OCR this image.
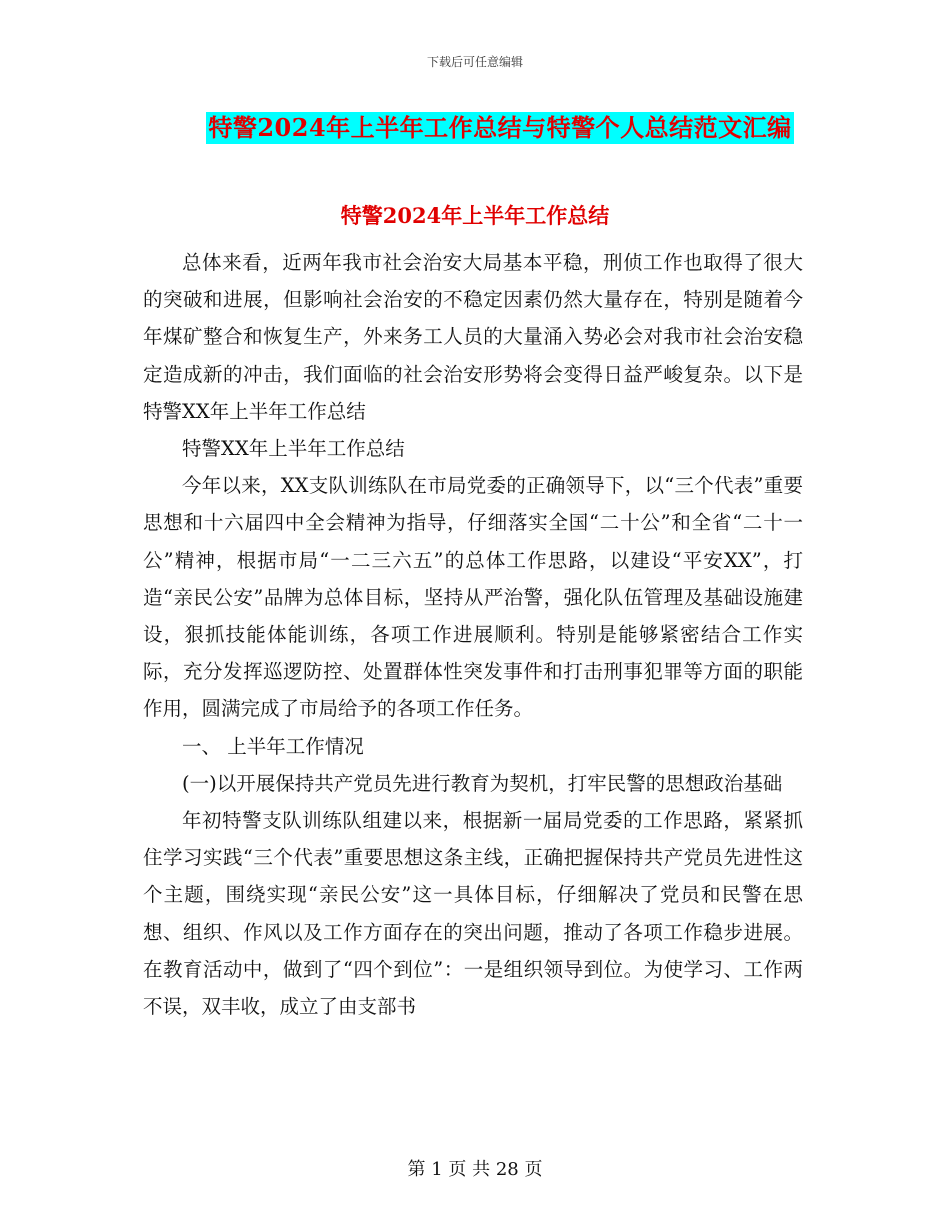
下载后可任意编辑
特警2024年上半年工作总结与特警个人总结范文汇编
特警2024年上半年工作总结

总体来看，近两年我市社会治安大局基本平稳，刑侦工作也取得了很大的突破和进展，但影响社会治安的不稳定因素仍然大量存在，特别是随着今年煤矿整合和恢复生产，外来务工人员的大量涌入势必会对我市社会治安稳定造成新的冲击，我们面临的社会治安形势将会变得日益严峻复杂。以下是特警XX年上半年工作总结

特警XX年上半年工作总结

今年以来，XX支队训练队在市局党委的正确领导下，以“三个代表”重要思想和十六届四中全会精神为指导，仔细落实全国“二十公”和全省“二十一公”精神，根据市局“一二三六五”的总体工作思路，以建设“平安XX”，打造“亲民公安”品牌为总体目标，坚持从严治警，强化队伍管理及基础设施建设，狠抓技能体能训练，各项工作进展顺利。特别是能够紧密结合工作实际，充分发挥巡逻防控、处置群体性突发事件和打击刑事犯罪等方面的职能作用，圆满完成了市局给予的各项工作任务。

一、 上半年工作情况

(一)以开展保持共产党员先进行教育为契机，打牢民警的思想政治基础

年初特警支队训练队组建以来，根据新一届局党委的工作思路，紧紧抓住学习实践“三个代表”重要思想这条主线，正确把握保持共产党员先进性这个主题，围绕实现“亲民公安”这一具体目标，仔细解决了党员和民警在思想、组织、作风以及工作方面存在的突出问题，推动了各项工作稳步进展。在教育活动中，做到了“四个到位”：一是组织领导到位。为使学习、工作两不误，双丰收，成立了由支部书

第 1 页 共 28 页
